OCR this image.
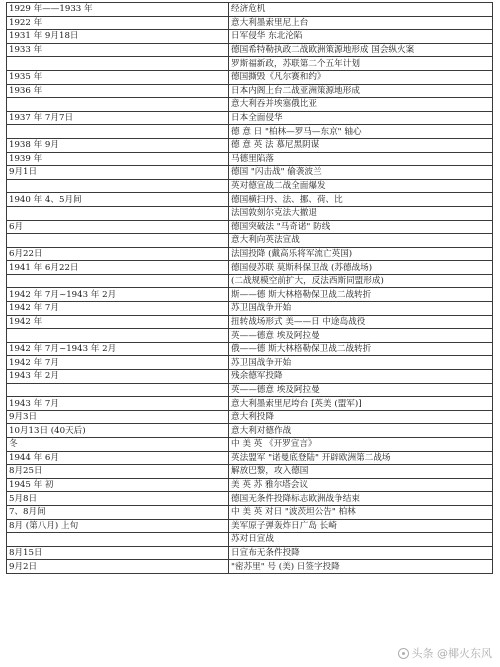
1929 年——1933 年	经济危机
1922 年	意大利墨索里尼上台
1931 年 9月18日	日军侵华 东北沦陷
1933 年	德国希特勒执政二战欧洲策源地形成 国会纵火案
	罗斯福新政，苏联第二个五年计划
1935 年	德国撕毁《凡尔赛和约》
1936 年	日本内阁上台二战亚洲策源地形成
	意大利吞并埃塞俄比亚
1937 年 7月7日	日本全面侵华
	德 意 日 "柏林—罗马—东京" 轴心
1938 年 9月	德 意 英 法 慕尼黑阴谋
1939 年	马德里陷落
9月1日	德国 "闪击战" 偷袭波兰
	英对德宣战二战全面爆发
1940 年 4、5月间	德国横扫丹、法、挪、荷、比
	法国敦刻尔克法大撤退
6月	德国突破法 "马奇诺" 防线
	意大利向英法宣战
6月22日	法国投降 (戴高乐将军流亡英国)
1941 年 6月22日	德国侵苏联 莫斯科保卫战 (苏德战场)
	(二战规模空前扩大，反法西斯同盟形成)
1942 年 7月~1943 年 2月	斯——德 斯大林格勒保卫战二战转折
1942 年 7月	苏卫国战争开始
1942 年	扭转战场形式 美——日 中途岛战役
	英——德意 埃及阿拉曼
1942 年 7月~1943 年 2月	俄——德 斯大林格勒保卫战二战转折
1942 年 7月	苏卫国战争开始
1943 年 2月	残余德军投降
	英——德意 埃及阿拉曼
1943 年 7月	意大利墨索里尼垮台 [英美 (盟军)]
9月3日	意大利投降
10月13日 (40天后)	意大利对德作战
冬	中 美 英 《开罗宣言》
1944 年 6月	英法盟军 "诺曼底登陆" 开辟欧洲第二战场
8月25日	解放巴黎，攻入德国
1945 年 初	美 英 苏 雅尔塔会议
5月8日	德国无条件投降标志欧洲战争结束
7、8月间	中 美 英 对日 "波茨坦公告" 柏林
8月 (第八月) 上旬	美军原子弹轰炸日广岛 长崎
	苏对日宣战
8月15日	日宣布无条件投降
9月2日	"密苏里" 号 (美) 日签字投降
头条 @椰火东风
